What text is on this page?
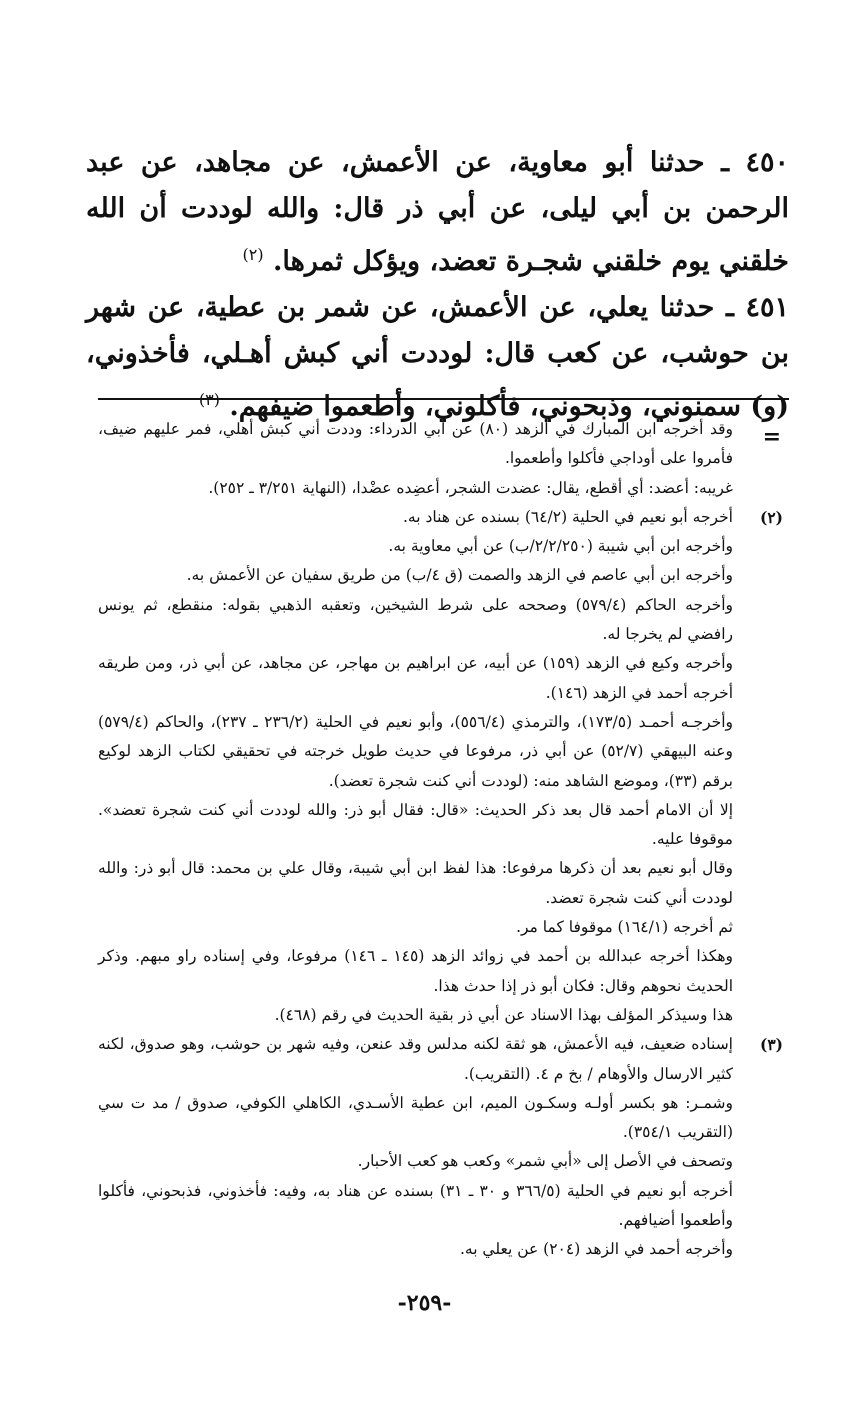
٤٥٠ ـ حدثنا أبو معاوية، عن الأعمش، عن مجاهد، عن عبد الرحمن بن أبي ليلى، عن أبي ذر قال: والله لوددت أن الله خلقني يوم خلقني شجـرة تعضد، ويؤكل ثمرها. $^{(٢)}$

٤٥١ ـ حدثنا يعلي، عن الأعمش، عن شمر بن عطية، عن شهر بن حوشب، عن كعب قال: لوددت أني كبش أهـلي، فأخذوني، (و) سمنوني، وذبحوني، فأكلوني، وأطعموا ضيفهم. $^{(٣)}$

=

وقد أخرجه ابن المبارك في الزهد (٨٠) عن أبي الدرداء: وددت أني كبش أهلي، فمر عليهم ضيف، فأمروا على أوداجي فأكلوا وأطعموا.

غريبه: أعضد: أي أقطع، يقال: عضدت الشجر، أعضِده عضْدا، (النهاية ٣/٢٥١ ـ ٢٥٢).

(٢)

أخرجه أبو نعيم في الحلية (٦٤/٢) بسنده عن هناد به.

وأخرجه ابن أبي شيبة (٢/٢/٢٥٠/ب) عن أبي معاوية به.

وأخرجه ابن أبي عاصم في الزهد والصمت (ق ٤/ب) من طريق سفيان عن الأعمش به.

وأخرجه الحاكم (٥٧٩/٤) وصححه على شرط الشيخين، وتعقبه الذهبي بقوله: منقطع، ثم يونس رافضي لم يخرجا له.

وأخرجه وكيع في الزهد (١٥٩) عن أبيه، عن ابراهيم بن مهاجر، عن مجاهد، عن أبي ذر، ومن طريقه أخرجه أحمد في الزهد (١٤٦).

وأخرجـه أحمـد (١٧٣/٥)، والترمذي (٥٥٦/٤)، وأبو نعيم في الحلية (٢٣٦/٢ ـ ٢٣٧)، والحاكم (٥٧٩/٤) وعنه البيهقي (٥٢/٧) عن أبي ذر، مرفوعا في حديث طويل خرجته في تحقيقي لكتاب الزهد لوكيع برقم (٣٣)، وموضع الشاهد منه: (لوددت أني كنت شجرة تعضد).

إلا أن الامام أحمد قال بعد ذكر الحديث: «قال: فقال أبو ذر: والله لوددت أني كنت شجرة تعضد». موقوفا عليه.

وقال أبو نعيم بعد أن ذكرها مرفوعا: هذا لفظ ابن أبي شيبة، وقال علي بن محمد: قال أبو ذر: والله لوددت أني كنت شجرة تعضد.

ثم أخرجه (١٦٤/١) موقوفا كما مر.

وهكذا أخرجه عبدالله بن أحمد في زوائد الزهد (١٤٥ ـ ١٤٦) مرفوعا، وفي إسناده راو مبهم. وذكر الحديث نحوهم وقال: فكان أبو ذر إذا حدث هذا.

هذا وسيذكر المؤلف بهذا الاسناد عن أبي ذر بقية الحديث في رقم (٤٦٨).

(٣)

إسناده ضعيف، فيه الأعمش، هو ثقة لكنه مدلس وقد عنعن، وفيه شهر بن حوشب، وهو صدوق، لكنه كثير الارسال والأوهام / بخ م ٤. (التقريب).

وشمـر: هو بكسر أولـه وسكـون الميم، ابن عطية الأسـدي، الكاهلي الكوفي، صدوق / مد ت سي (التقريب ٣٥٤/١).

وتصحف في الأصل إلى «أبي شمر» وكعب هو كعب الأحبار.

أخرجه أبو نعيم في الحلية (٣٦٦/٥ و ٣٠ ـ ٣١) بسنده عن هناد به، وفيه: فأخذوني، فذبحوني، فأكلوا وأطعموا أضيافهم.

وأخرجه أحمد في الزهد (٢٠٤) عن يعلي به.

-٢٥٩-
